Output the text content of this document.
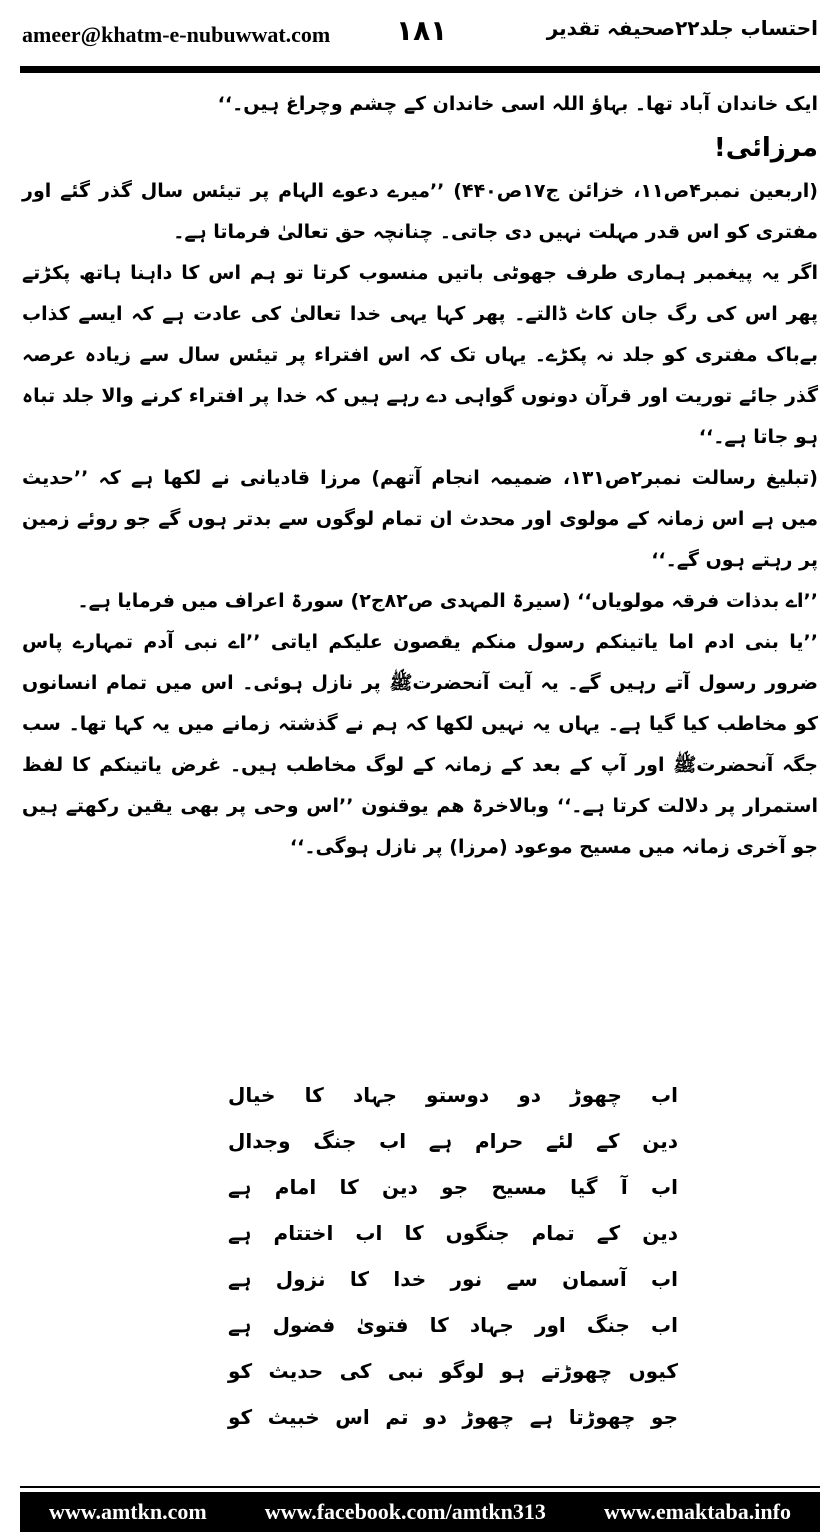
ameer@khatm-e-nubuwwat.com ۱۸۱	احتساب جلد۲۲صحیفہ تقدیر

ایک خاندان آباد تھا۔ بہاؤ اللہ اسی خاندان کے چشم وچراغ ہیں۔‘‘

مرزائی!

(اربعین نمبر۴ص۱۱، خزائن ج۱۷ص۴۴۰) ’’میرے دعوے الہام پر تیئس سال گذر گئے اور مفتری کو اس قدر مہلت نہیں دی جاتی۔ چنانچہ حق تعالیٰ فرماتا ہے۔

اگر یہ پیغمبر ہماری طرف جھوٹی باتیں منسوب کرتا تو ہم اس کا داہنا ہاتھ پکڑتے پھر اس کی رگ جان کاٹ ڈالتے۔ پھر کہا یہی خدا تعالیٰ کی عادت ہے کہ ایسے کذاب بےباک مفتری کو جلد نہ پکڑے۔ یہاں تک کہ اس افتراء پر تیئس سال سے زیادہ عرصہ گذر جائے توریت اور قرآن دونوں گواہی دے رہے ہیں کہ خدا پر افتراء کرنے والا جلد تباہ ہو جاتا ہے۔‘‘

(تبلیغ رسالت نمبر۲ص۱۳۱، ضمیمہ انجام آتھم) مرزا قادیانی نے لکھا ہے کہ ’’حدیث میں ہے اس زمانہ کے مولوی اور محدث ان تمام لوگوں سے بدتر ہوں گے جو روئے زمین پر رہتے ہوں گے۔‘‘

’’اے بدذات فرقہ مولویاں‘‘ (سیرۃ المہدی ص۸۲ج۲) سورۃ اعراف میں فرمایا ہے۔

’’یا بنی ادم اما یاتینکم رسول منکم یقصون علیکم ایاتی ’’اے نبی آدم تمہارے پاس ضرور رسول آتے رہیں گے۔ یہ آیت آنحضرتﷺ پر نازل ہوئی۔ اس میں تمام انسانوں کو مخاطب کیا گیا ہے۔ یہاں یہ نہیں لکھا کہ ہم نے گذشتہ زمانے میں یہ کہا تھا۔ سب جگہ آنحضرتﷺ اور آپ کے بعد کے زمانہ کے لوگ مخاطب ہیں۔ غرض یاتینکم کا لفظ استمرار پر دلالت کرتا ہے۔‘‘ وبالاخرۃ ھم یوقنون ’’اس وحی پر بھی یقین رکھتے ہیں جو آخری زمانہ میں مسیح موعود (مرزا) پر نازل ہوگی۔‘‘

اب چھوڑ دو دوستو جہاد کا خیال
دین کے لئے حرام ہے اب جنگ وجدال
اب آ گیا مسیح جو دین کا امام ہے
دین کے تمام جنگوں کا اب اختتام ہے
اب آسمان سے نور خدا کا نزول ہے
اب جنگ اور جہاد کا فتویٰ فضول ہے
کیوں چھوڑتے ہو لوگو نبی کی حدیث کو
جو چھوڑتا ہے چھوڑ دو تم اس خبیث کو
www.amtkn.com	www.facebook.com/amtkn313	www.emaktaba.info
